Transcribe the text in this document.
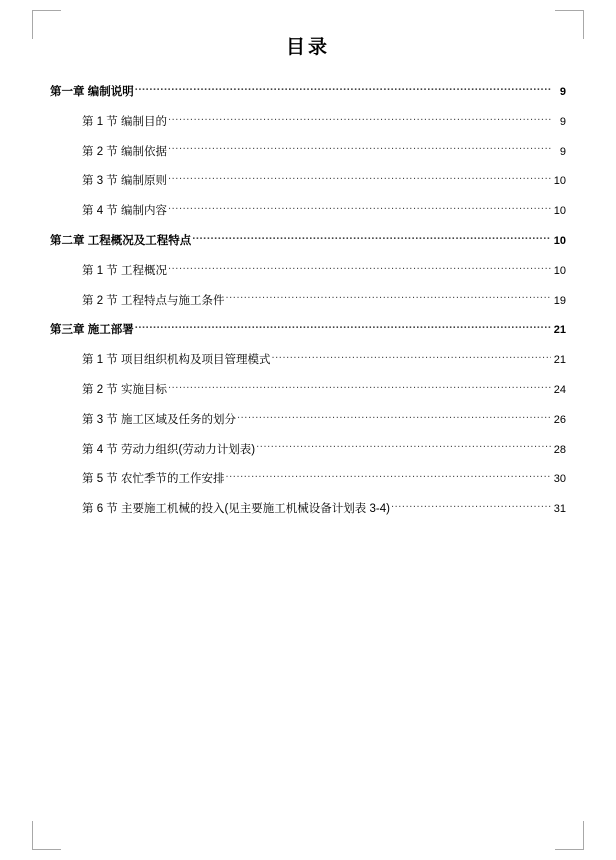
目录
第一章 编制说明 .....	9
第 1 节 编制目的 .....	9
第 2 节 编制依据 .....	9
第 3 节 编制原则 .....	10
第 4 节 编制内容 .....	10
第二章 工程概况及工程特点 .....	10
第 1 节 工程概况 .....	10
第 2 节 工程特点与施工条件 .....	19
第三章 施工部署 .....	21
第 1 节 项目组织机构及项目管理模式 .....	21
第 2 节 实施目标 .....	24
第 3 节 施工区域及任务的划分 .....	26
第 4 节 劳动力组织(劳动力计划表) .....	28
第 5 节 农忙季节的工作安排 .....	30
第 6 节 主要施工机械的投入(见主要施工机械设备计划表 3-4) .....	31
